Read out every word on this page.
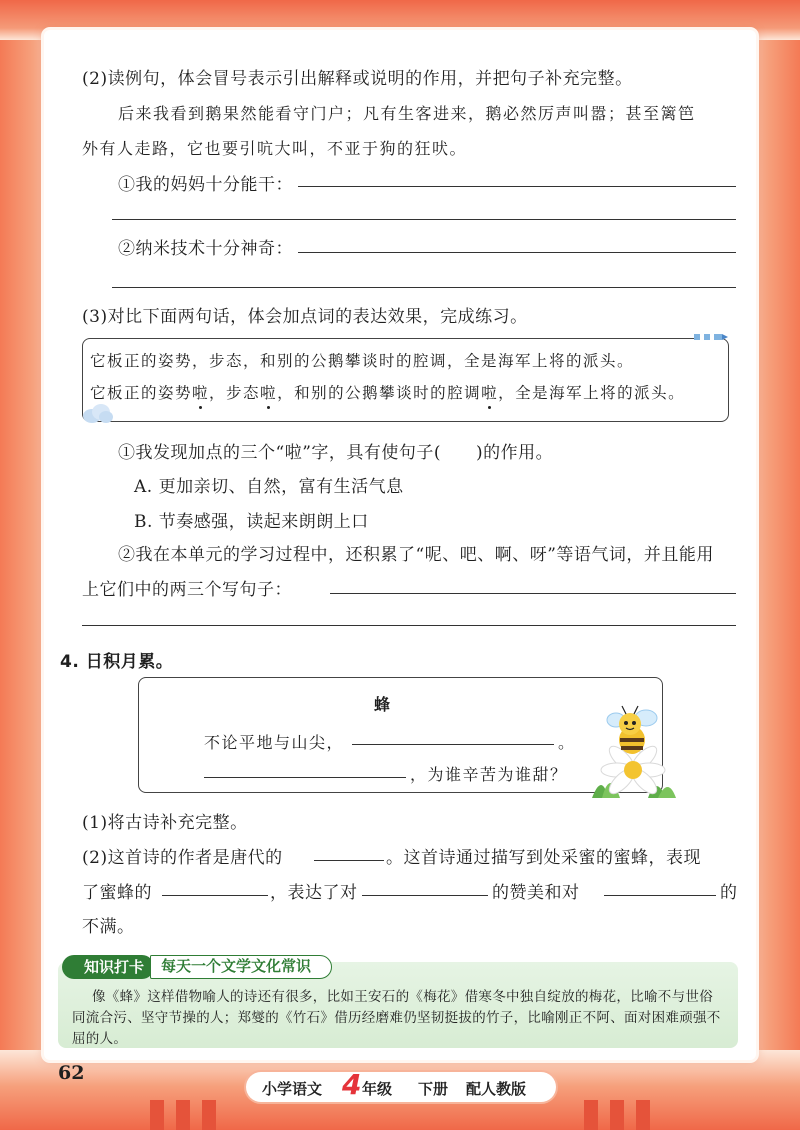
(2)读例句，体会冒号表示引出解释或说明的作用，并把句子补充完整。
后来我看到鹅果然能看守门户；凡有生客进来，鹅必然厉声叫嚣；甚至篱笆
外有人走路，它也要引吭大叫，不亚于狗的狂吠。
①我的妈妈十分能干：
②纳米技术十分神奇：
(3)对比下面两句话，体会加点词的表达效果，完成练习。
它板正的姿势，步态，和别的公鹅攀谈时的腔调，全是海军上将的派头。
它板正的姿势啦，步态啦，和别的公鹅攀谈时的腔调啦，全是海军上将的派头。
①我发现加点的三个“啦”字，具有使句子(　　)的作用。
A. 更加亲切、自然，富有生活气息
B. 节奏感强，读起来朗朗上口
②我在本单元的学习过程中，还积累了“呢、吧、啊、呀”等语气词，并且能用
上它们中的两三个写句子：
4. 日积月累。
蜂
不论平地与山尖，	。
，为谁辛苦为谁甜？
(1)将古诗补充完整。
(2)这首诗的作者是唐代的	。这首诗通过描写到处采蜜的蜜蜂，表现
了蜜蜂的	，表达了对	的赞美和对	的
不满。
知识打卡	每天一个文学文化常识
像《蜂》这样借物喻人的诗还有很多，比如王安石的《梅花》借寒冬中独自绽放的梅花，比喻不与世俗
同流合污、坚守节操的人；郑燮的《竹石》借历经磨难仍坚韧挺拔的竹子，比喻刚正不阿、面对困难顽强不
屈的人。
62
小学语文 4 年级 下册 配人教版
